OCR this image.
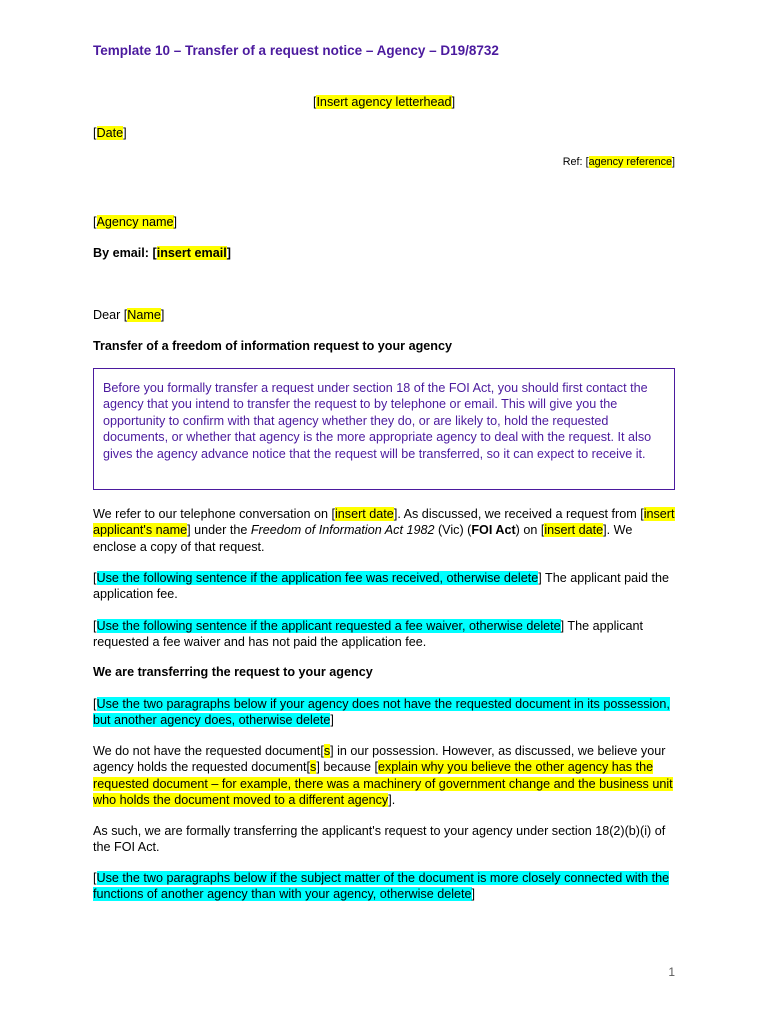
Template 10 – Transfer of a request notice – Agency – D19/8732

[Insert agency letterhead]

[Date]

Ref: [agency reference]

[Agency name]

By email: [insert email]

Dear [Name]

Transfer of a freedom of information request to your agency

Before you formally transfer a request under section 18 of the FOI Act, you should first contact the agency that you intend to transfer the request to by telephone or email. This will give you the opportunity to confirm with that agency whether they do, or are likely to, hold the requested documents, or whether that agency is the more appropriate agency to deal with the request. It also gives the agency advance notice that the request will be transferred, so it can expect to receive it.

We refer to our telephone conversation on [insert date]. As discussed, we received a request from [insert applicant's name] under the Freedom of Information Act 1982 (Vic) (FOI Act) on [insert date]. We enclose a copy of that request.

[Use the following sentence if the application fee was received, otherwise delete] The applicant paid the application fee.

[Use the following sentence if the applicant requested a fee waiver, otherwise delete] The applicant requested a fee waiver and has not paid the application fee.

We are transferring the request to your agency

[Use the two paragraphs below if your agency does not have the requested document in its possession, but another agency does, otherwise delete]

We do not have the requested document[s] in our possession. However, as discussed, we believe your agency holds the requested document[s] because [explain why you believe the other agency has the requested document – for example, there was a machinery of government change and the business unit who holds the document moved to a different agency].

As such, we are formally transferring the applicant's request to your agency under section 18(2)(b)(i) of the FOI Act.

[Use the two paragraphs below if the subject matter of the document is more closely connected with the functions of another agency than with your agency, otherwise delete]

1
